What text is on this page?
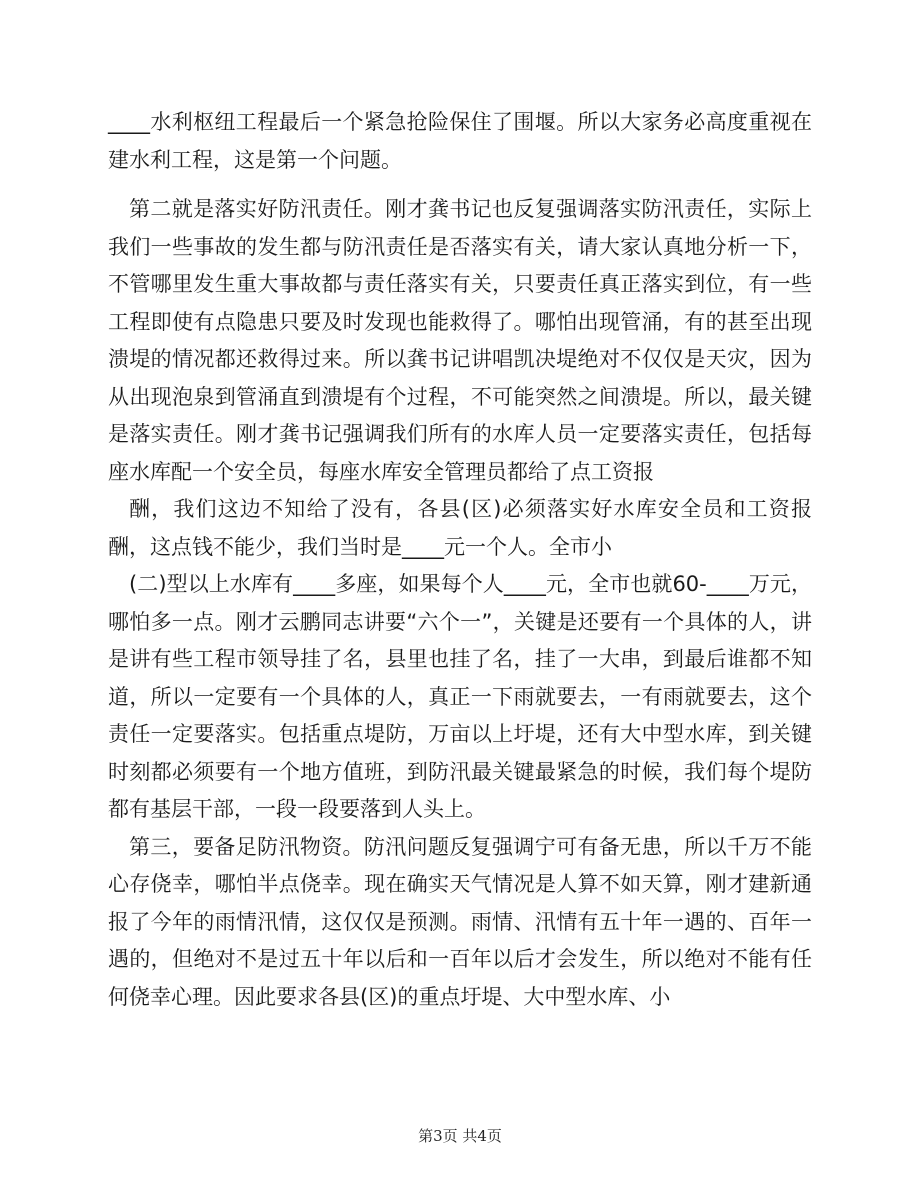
____水利枢纽工程最后一个紧急抢险保住了围堰。所以大家务必高度重视在建水利工程，这是第一个问题。

第二就是落实好防汛责任。刚才龚书记也反复强调落实防汛责任，实际上我们一些事故的发生都与防汛责任是否落实有关，请大家认真地分析一下，不管哪里发生重大事故都与责任落实有关，只要责任真正落实到位，有一些工程即使有点隐患只要及时发现也能救得了。哪怕出现管涌，有的甚至出现溃堤的情况都还救得过来。所以龚书记讲唱凯决堤绝对不仅仅是天灾，因为从出现泡泉到管涌直到溃堤有个过程，不可能突然之间溃堤。所以，最关键是落实责任。刚才龚书记强调我们所有的水库人员一定要落实责任，包括每座水库配一个安全员，每座水库安全管理员都给了点工资报

酬，我们这边不知给了没有，各县(区)必须落实好水库安全员和工资报酬，这点钱不能少，我们当时是____元一个人。全市小

(二)型以上水库有____多座，如果每个人____元，全市也就60-____万元，哪怕多一点。刚才云鹏同志讲要“六个一”，关键是还要有一个具体的人，讲是讲有些工程市领导挂了名，县里也挂了名，挂了一大串，到最后谁都不知道，所以一定要有一个具体的人，真正一下雨就要去，一有雨就要去，这个责任一定要落实。包括重点堤防，万亩以上圩堤，还有大中型水库，到关键时刻都必须要有一个地方值班，到防汛最关键最紧急的时候，我们每个堤防都有基层干部，一段一段要落到人头上。

第三，要备足防汛物资。防汛问题反复强调宁可有备无患，所以千万不能心存侥幸，哪怕半点侥幸。现在确实天气情况是人算不如天算，刚才建新通报了今年的雨情汛情，这仅仅是预测。雨情、汛情有五十年一遇的、百年一遇的，但绝对不是过五十年以后和一百年以后才会发生，所以绝对不能有任何侥幸心理。因此要求各县(区)的重点圩堤、大中型水库、小

第3页 共4页
